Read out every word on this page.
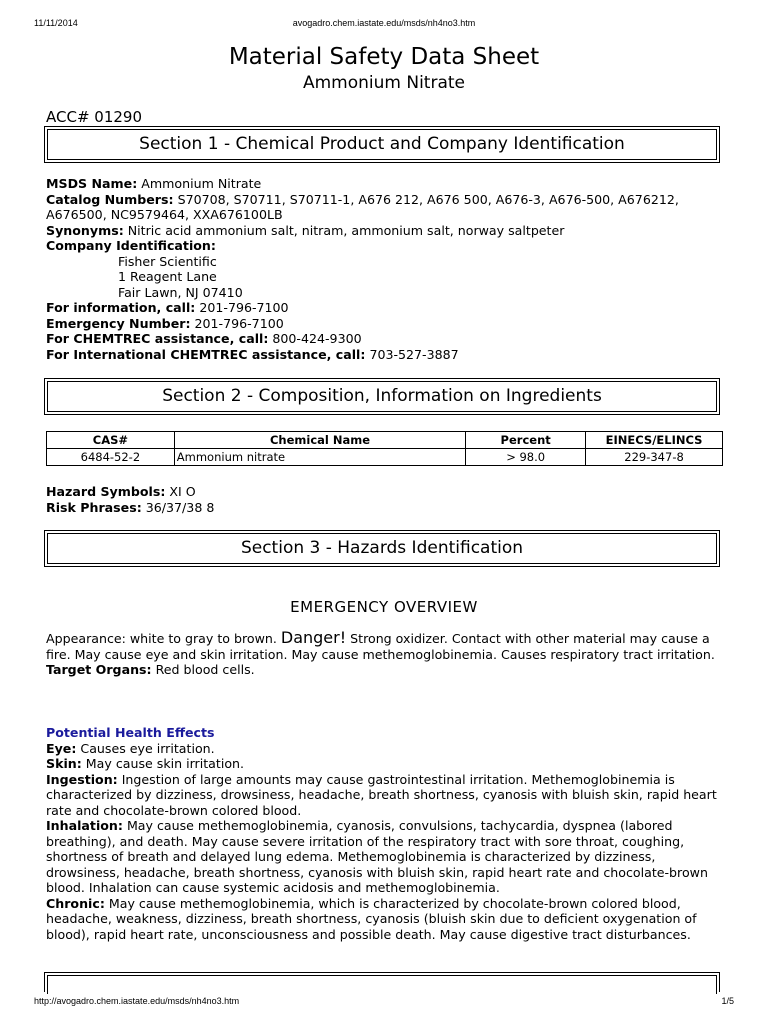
11/11/2014	avogadro.chem.iastate.edu/msds/nh4no3.htm
Material Safety Data Sheet
Ammonium Nitrate
ACC# 01290
Section 1 - Chemical Product and Company Identification
MSDS Name: Ammonium Nitrate
Catalog Numbers: S70708, S70711, S70711-1, A676 212, A676 500, A676-3, A676-500, A676212, A676500, NC9579464, XXA676100LB
Synonyms: Nitric acid ammonium salt, nitram, ammonium salt, norway saltpeter
Company Identification:
Fisher Scientific
1 Reagent Lane
Fair Lawn, NJ 07410
For information, call: 201-796-7100
Emergency Number: 201-796-7100
For CHEMTREC assistance, call: 800-424-9300
For International CHEMTREC assistance, call: 703-527-3887
Section 2 - Composition, Information on Ingredients
CAS#	Chemical Name	Percent	EINECS/ELINCS
6484-52-2	Ammonium nitrate	> 98.0	229-347-8
Hazard Symbols: XI O
Risk Phrases: 36/37/38 8
Section 3 - Hazards Identification
EMERGENCY OVERVIEW
Appearance: white to gray to brown. Danger! Strong oxidizer. Contact with other material may cause a fire. May cause eye and skin irritation. May cause methemoglobinemia. Causes respiratory tract irritation.
Target Organs: Red blood cells.
Potential Health Effects
Eye: Causes eye irritation.
Skin: May cause skin irritation.
Ingestion: Ingestion of large amounts may cause gastrointestinal irritation. Methemoglobinemia is characterized by dizziness, drowsiness, headache, breath shortness, cyanosis with bluish skin, rapid heart rate and chocolate-brown colored blood.
Inhalation: May cause methemoglobinemia, cyanosis, convulsions, tachycardia, dyspnea (labored breathing), and death. May cause severe irritation of the respiratory tract with sore throat, coughing, shortness of breath and delayed lung edema. Methemoglobinemia is characterized by dizziness, drowsiness, headache, breath shortness, cyanosis with bluish skin, rapid heart rate and chocolate-brown blood. Inhalation can cause systemic acidosis and methemoglobinemia.
Chronic: May cause methemoglobinemia, which is characterized by chocolate-brown colored blood, headache, weakness, dizziness, breath shortness, cyanosis (bluish skin due to deficient oxygenation of blood), rapid heart rate, unconsciousness and possible death. May cause digestive tract disturbances.
http://avogadro.chem.iastate.edu/msds/nh4no3.htm	1/5
